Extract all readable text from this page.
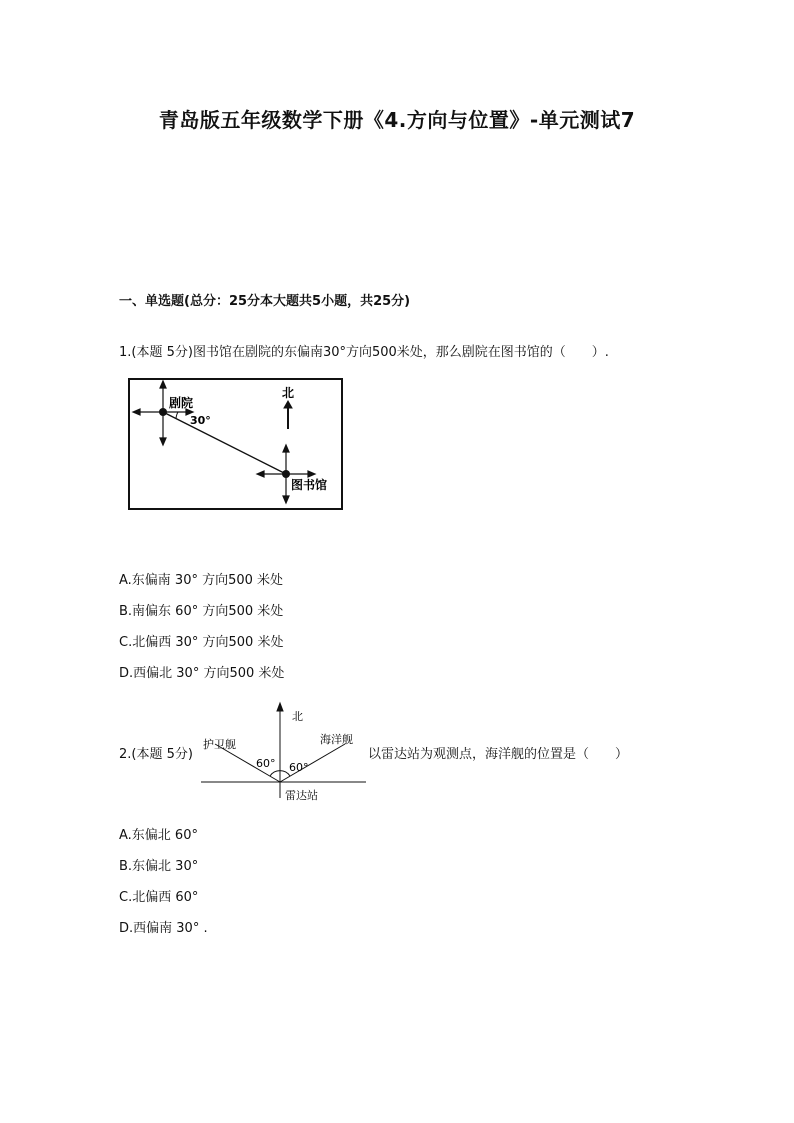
青岛版五年级数学下册《4.方向与位置》-单元测试7
一、单选题(总分：25分本大题共5小题，共25分)
1.(本题 5分)图书馆在剧院的东偏南30°方向500米处，那么剧院在图书馆的（　　）.
剧院
30°
北
图书馆
A.东偏南 30° 方向500 米处
B.南偏东 60° 方向500 米处
C.北偏西 30° 方向500 米处
D.西偏北 30° 方向500 米处
2.(本题 5分)
北
护卫舰	海洋舰
60° 60°
雷达站
以雷达站为观测点，海洋舰的位置是（　　）
A.东偏北 60°
B.东偏北 30°
C.北偏西 60°
D.西偏南 30° .
